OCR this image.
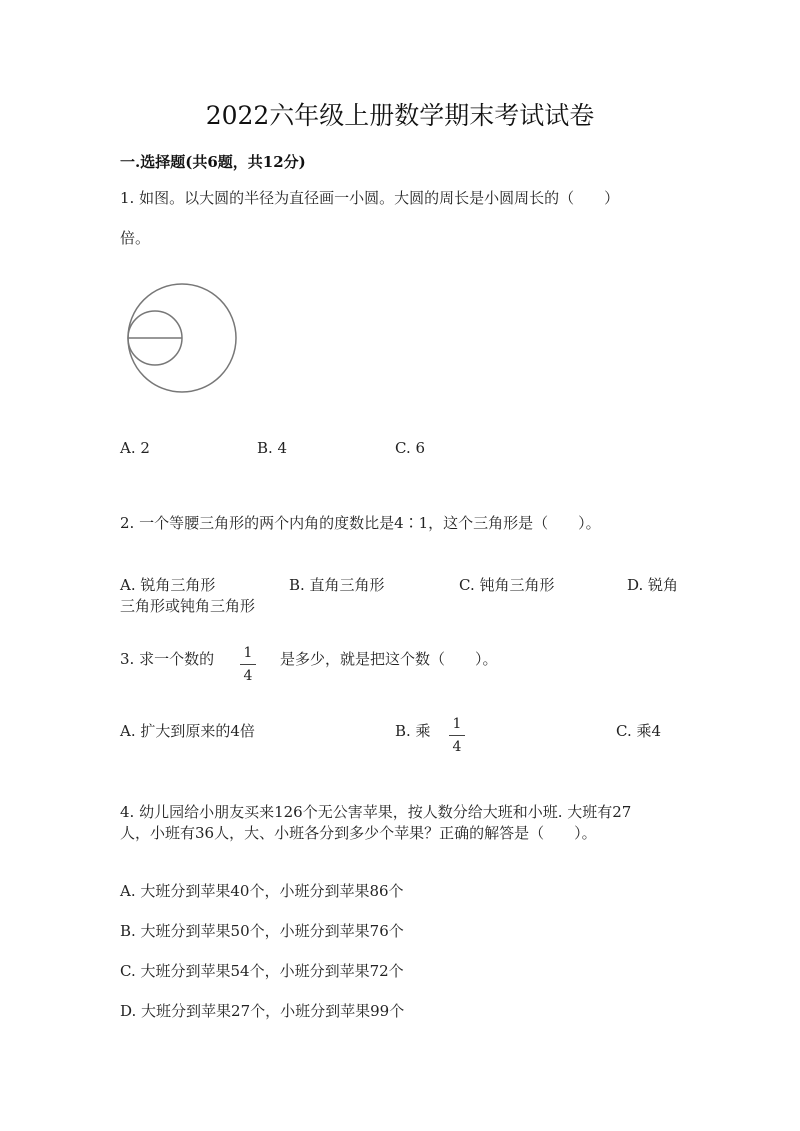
2022六年级上册数学期末考试试卷
一.选择题(共6题，共12分)
1. 如图。以大圆的半径为直径画一小圆。大圆的周长是小圆周长的（　　）
倍。
A. 2	B. 4	C. 6
2. 一个等腰三角形的两个内角的度数比是4∶1，这个三角形是（　　）。
A. 锐角三角形	B. 直角三角形	C. 钝角三角形	D. 锐角
三角形或钝角三角形
3. 求一个数的	1
4
是多少，就是把这个数（　　）。
A. 扩大到原来的4倍	B. 乘	1
4
C. 乘4
4. 幼儿园给小朋友买来126个无公害苹果，按人数分给大班和小班. 大班有27
人，小班有36人，大、小班各分到多少个苹果？正确的解答是（　　）。
A. 大班分到苹果40个，小班分到苹果86个
B. 大班分到苹果50个，小班分到苹果76个
C. 大班分到苹果54个，小班分到苹果72个
D. 大班分到苹果27个，小班分到苹果99个
